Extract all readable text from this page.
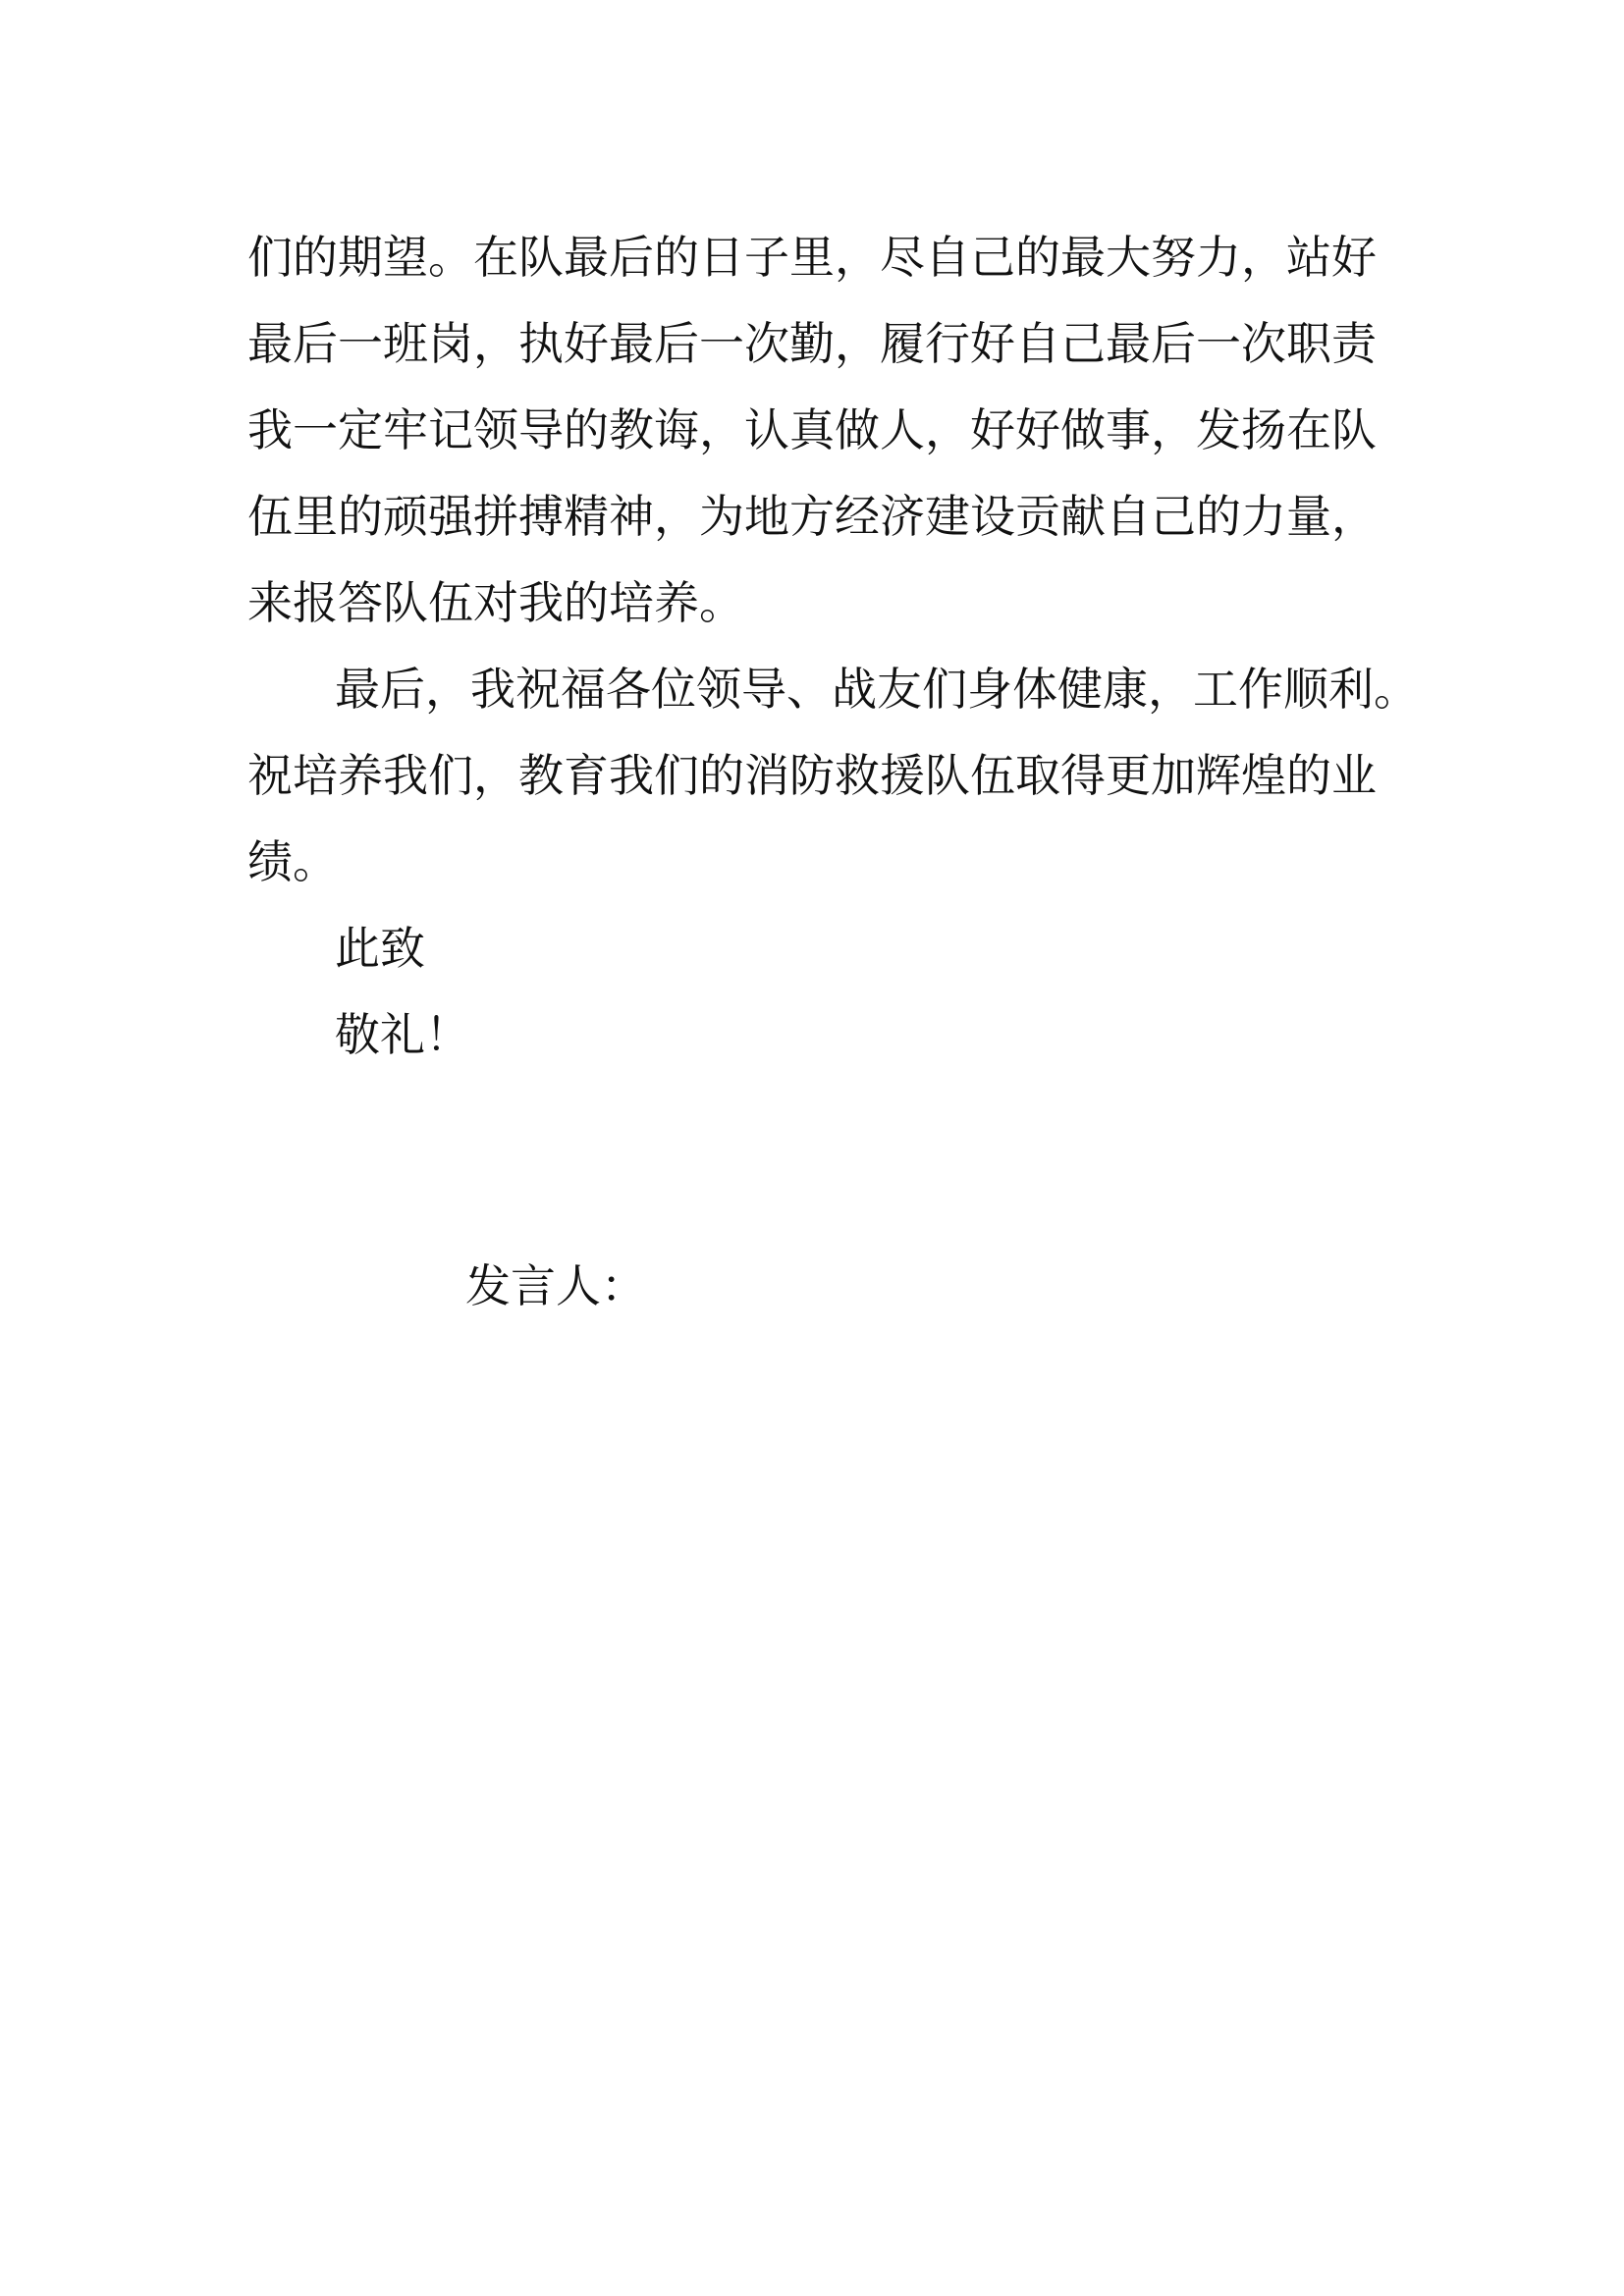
们的期望。在队最后的日子里，尽自己的最大努力，站好
最后一班岗，执好最后一次勤，履行好自己最后一次职责
我一定牢记领导的教诲，认真做人，好好做事，发扬在队
伍里的顽强拼搏精神，为地方经济建设贡献自己的力量，
来报答队伍对我的培养。
最后，我祝福各位领导、战友们身体健康，工作顺利。
祝培养我们，教育我们的消防救援队伍取得更加辉煌的业
绩。
此致
敬礼！
发言人：
